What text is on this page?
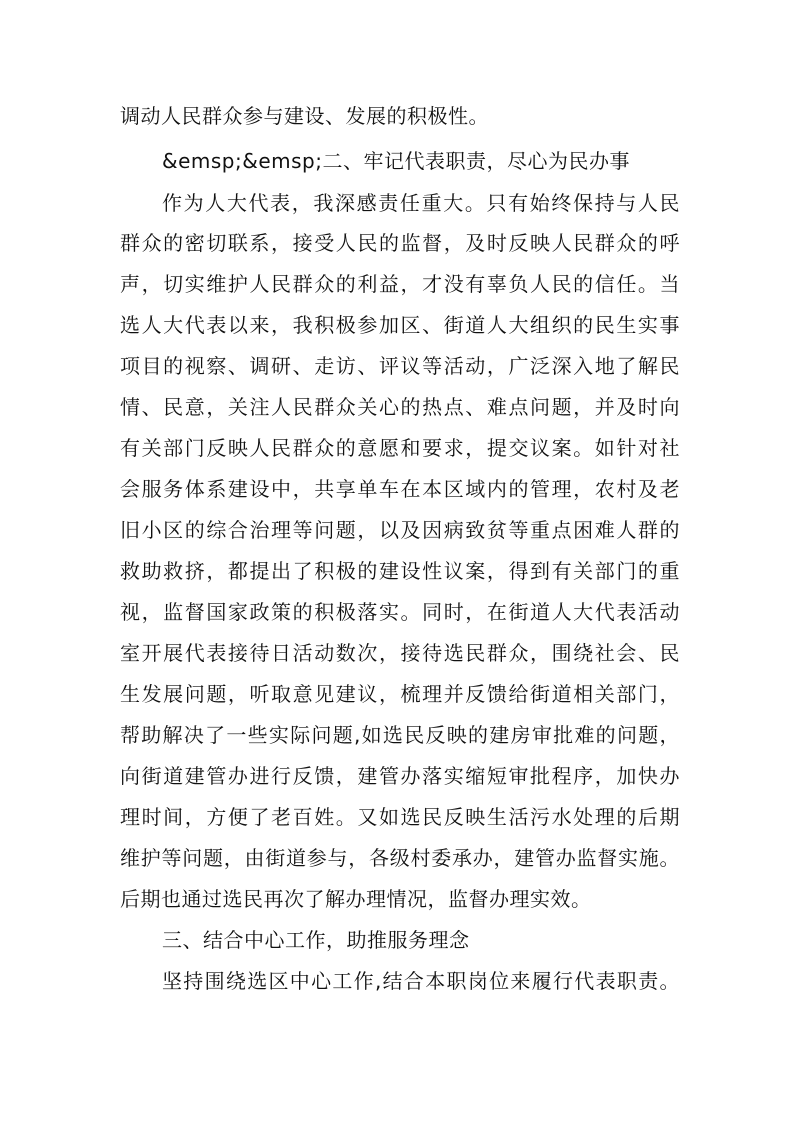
调动人民群众参与建设、发展的积极性。
&emsp;&emsp;二、牢记代表职责，尽心为民办事
作为人大代表，我深感责任重大。只有始终保持与人民
群众的密切联系，接受人民的监督，及时反映人民群众的呼
声，切实维护人民群众的利益，才没有辜负人民的信任。当
选人大代表以来，我积极参加区、街道人大组织的民生实事
项目的视察、调研、走访、评议等活动，广泛深入地了解民
情、民意，关注人民群众关心的热点、难点问题，并及时向
有关部门反映人民群众的意愿和要求，提交议案。如针对社
会服务体系建设中，共享单车在本区域内的管理，农村及老
旧小区的综合治理等问题，以及因病致贫等重点困难人群的
救助救挤，都提出了积极的建设性议案，得到有关部门的重
视，监督国家政策的积极落实。同时，在街道人大代表活动
室开展代表接待日活动数次，接待选民群众，围绕社会、民
生发展问题，听取意见建议，梳理并反馈给街道相关部门，
帮助解决了一些实际问题,如选民反映的建房审批难的问题，
向街道建管办进行反馈，建管办落实缩短审批程序，加快办
理时间，方便了老百姓。又如选民反映生活污水处理的后期
维护等问题，由街道参与，各级村委承办，建管办监督实施。
后期也通过选民再次了解办理情况，监督办理实效。
三、结合中心工作，助推服务理念
坚持围绕选区中心工作,结合本职岗位来履行代表职责。
